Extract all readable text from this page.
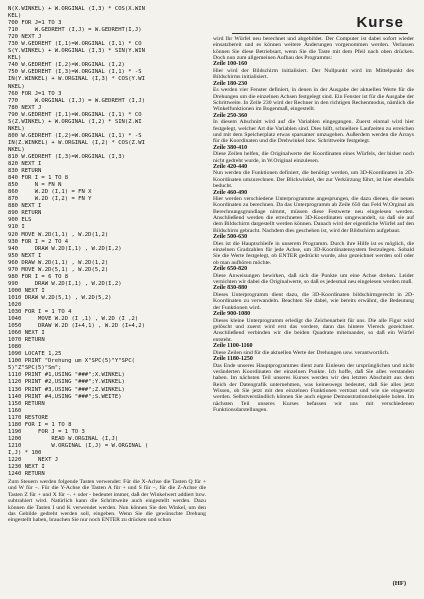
Kurse
N(X.WINKEL) + W.ORGINAL (I,3) * COS(X.WIN
KEL)
700 FOR J=1 TO 3
710     W.GEDREHT (I,J) = W.GEDREHT(I,J)
720 NEXT J
730 W.GEDREHT (I,1)=W.ORGINAL (I,1) * CO
S(Y.WINKEL) + W.ORGINAL (I,3) * SIN(Y.WIN
KEL)
740 W.GEDREHT (I,2)=W.ORGINAL (I,2)
750 W.GEDREHT (I,3)=W.ORGINAL (I,1) * -S
IN(Y.WINKEL) + W.ORGINAL (I,3) * COS(Y.WI
NKEL)
760 FOR J=1 TO 3
770     W.ORGINAL (I,J) = W.GEDREHT (I,J)
780 NEXT J
790 W.GEDREHT (I,1)=W.ORGINAL (I,1) * CO
S(Z.WINKEL) + W.ORGINAL (I,2) * SIN(Z.WI
NKEL)
800 W.GEDREHT (I,2)=W.ORGINAL (I,1) * -S
IN(Z.WINKEL) + W.ORGINAL (I,2) * COS(Z.WI
NKEL)
810 W.GEDREHT (I,3)=W.ORGINAL (I,3)
820 NEXT I
830 RETURN
840 FOR I = 1 TO 8
850     N = FN N
860     W.2D (I,1) = FN X
870     W.2D (I,2) = FN Y
880 NEXT I
890 RETURN
900 ELS
910 I
920 MOVE W.2D(1,1) , W.2D(1,2)
930 FOR I = 2 TO 4
940     DRAW W.2D(I,1) , W.2D(I,2)
950 NEXT I
960 DRAW W.2D(1,1) , W.2D(1,2)
970 MOVE W.2D(5,1) , W.2D(5,2)
980 FOR I = 6 TO 8
990     DRAW W.2D(I,1) , W.2D(I,2)
1000 NEXT I
1010 DRAW W.2D(5,1) , W.2D(5,2)
1020
1030 FOR I = 1 TO 4
1040     MOVE W.2D (I ,1) , W.2D (I ,2)
1050     DRAW W.2D (I+4,1) , W.2D (I+4,2)
1060 NEXT I
1070 RETURN
1080
1090 LOCATE 1,25
1100 PRINT "Drehung um X"SPC(5)"Y"SPC(
5)"Z"SPC(5)"Sm";
1110 PRINT #1,USING "###";X.WINKEL)
1120 PRINT #2,USING "###";Y.WINKEL)
1130 PRINT #3,USING "###";Z.WINKEL)
1140 PRINT #4,USING "###";S.WEITE)
1150 RETURN
1160
1170 RESTORE
1180 FOR I = 1 TO 8
1190     FOR J = 1 TO 3
1200         READ W.ORGINAL (I,J)
1210         W.ORGINAL (I,J) = W.ORGINAL (
I,J) * 100
1220     NEXT J
1230 NEXT I
1240 RETURN

Zum Steuern werden folgende Tasten verwendet: Für die X-Achse die Tasten Q für + und W für −. Für die Y-Achse die Tasten A für + und S für −, für die Z-Achse die Tasten Z für + und X für −. + oder - bedeutet immer, daß der Winkelwert addiert bzw. subtrahiert wird. Natürlich kann die Schrittweite auch eingestellt werden. Dazu können die Tasten I und K verwendet werden. Nun können Sie den Winkel, um den das Gebilde gedreht werden soll, eingeben. Wenn Sie die gewünschte Drehung eingestellt haben, brauchen Sie nur noch ENTER zu drücken und schon

wird Ihr Würfel neu berechnet und abgebildet. Der Computer ist dabei sofort wieder einsatzbereit und es können weitere Änderungen vorgenommen werden. Verlassen können Sie diese Betriebsart, wenn Sie die Taste mit dem Pfeil nach oben drücken. Doch nun zum allgemeinen Aufbau des Programms:

Zeile 100-160

Hier wird der Bildschirm initialisiert. Der Nullpunkt wird im Mittelpunkt des Bildschirms initialisiert.

Zeile 180-230

Es werden vier Fenster definiert, in denen in der Ausgabe der aktuellen Werte für die Drehungen um die einzelnen Achsen festgelegt sind. Ein Fenster ist für die Ausgabe der Schrittweite. In Zeile 230 wird der Rechner in den richtigen Rechenmodus, nämlich die Winkelfunktionen im Bogenmaß, eingestellt.

Zeile 250-360

In diesem Abschnitt wird auf die Variablen eingegangen. Zuerst einmal wird hier festgelegt, welcher Art die Variablen sind. Dies hilft, schnellere Laufzeiten zu erreichen und mit dem Speicherplatz etwas sparsamer umzugehen. Außerdem werden die Arrays für die Koordinaten und die Drehwinkel bzw. Schrittweite festgelegt.

Zeile 380-410

Diese Zeilen helfen, die Originalwerte der Koordinaten eines Würfels, der bisher noch nicht gedreht wurde, in W.Original einzulesen.

Zeile 420-440

Nun werden die Funktionen definiert, die benötigt werden, um 3D-Koordinaten in 2D-Koordinaten umzurechnen. Der Blickwinkel, der zur Verkürzung führt, ist hier ebenfalls beducht.

Zeile 460-490

Hier werden verschiedene Unterprogramme angesprungen, die dazu dienen, die neuen Koordinaten zu berechnen. Da das Unterprogramm ab Zeile 650 das Feld W.Orginal als Berechnungsgrundlage nimmt, müssen diese Festwerte neu eingelesen werden. Anschließend werden die errechneten 3D-Koordinaten umgewandelt, so daß sie auf dem Bildschirm dargestellt werden können. Danach wird der eigentliche Würfel auf den Bildschirm gebracht. Nachdem dies geschehen ist, wird der Bildschirm aufgebaut.

Zeile 500-630

Dies ist die Hauptschleife in unserem Programm. Durch ihre Hilfe ist es möglich, die einzelnen Gradzahlen für jede Achse, um 3D-Koordinatensystem festzulegen. Sobald Sie die Werte festgelegt, ob ENTER gedrückt wurde, also gezeichnet werden soll oder ob man aufhören möchte.

Zeile 650-820

Diese Anweisungen bewirken, daß sich die Punkte um eine Achse drehen. Leider vernichten wir dabei die Originalwerte, so daß es jedesmal neu eingelesen werden muß.

Zeile 830-880

Dieses Unterprogramm dient dazu, die 3D-Koordinaten bildschirmgerecht in 2D-Koordinaten zu verwandeln. Beachten Sie dabei, wie bereits erwähnt, die Bedeutung der Funktionen wird.

Zeile 900-1080

Dieses kleine Unterprogramm erledigt die Zeichenarbeit für uns. Die alle Figur wird gelöscht und zuerst wird erst das vordere, dann das hintere Viereck gezeichnet. Anschließend verbinden wir die beiden Quadrate miteinander, so daß ein Würfel entsteht.

Zeile 1100-1160

Diese Zeilen sind für die aktuellen Werte der Drehungen usw. verantwortlich.

Zeile 1180-1250

Das Ende unseres Hauptprogrammes dient zum Einlesen der ursprünglichen und nicht veränderten Koordinaten der einzelnen Punkte. Ich hoffe, daß Sie alles verstanden haben. Im nächsten Teil unseres Kurses werden wir den letzten Abschnitt aus dem Reich der Datengrafik unternehmen, was keineswegs bedeutet, daß Sie alles jetzt Wissen, ob Sie jetzt mit den einzelnen Funktionen vertraut und wie sie eingesetzt werden. Selbstverständlich können Sie auch eigene Demonstrationsbeispiele holen. Im nächsten Teil unseres Kurses befassen wir uns mit verschiedenen Funktionsdarstellungen.

(HF)
